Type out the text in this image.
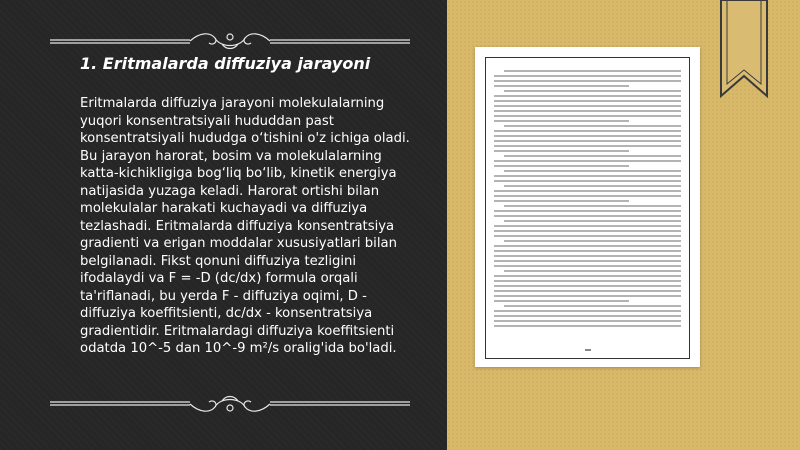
1. Eritmalarda diffuziya jarayoni

Eritmalarda diffuziya jarayoni molekulalarning yuqori konsentratsiyali hududdan past konsentratsiyali hududga o‘tishini o'z ichiga oladi. Bu jarayon harorat, bosim va molekulalarning katta-kichikligiga bog‘liq bo‘lib, kinetik energiya natijasida yuzaga keladi. Harorat ortishi bilan molekulalar harakati kuchayadi va diffuziya tezlashadi. Eritmalarda diffuziya konsentratsiya gradienti va erigan moddalar xususiyatlari bilan belgilanadi. Fikst qonuni diffuziya tezligini ifodalaydi va F = -D (dc/dx) formula orqali ta'riflanadi, bu yerda F - diffuziya oqimi, D - diffuziya koeffitsienti, dc/dx - konsentratsiya gradientidir. Eritmalardagi diffuziya koeffitsienti odatda 10^-5 dan 10^-9 m²/s oralig'ida bo'ladi.
